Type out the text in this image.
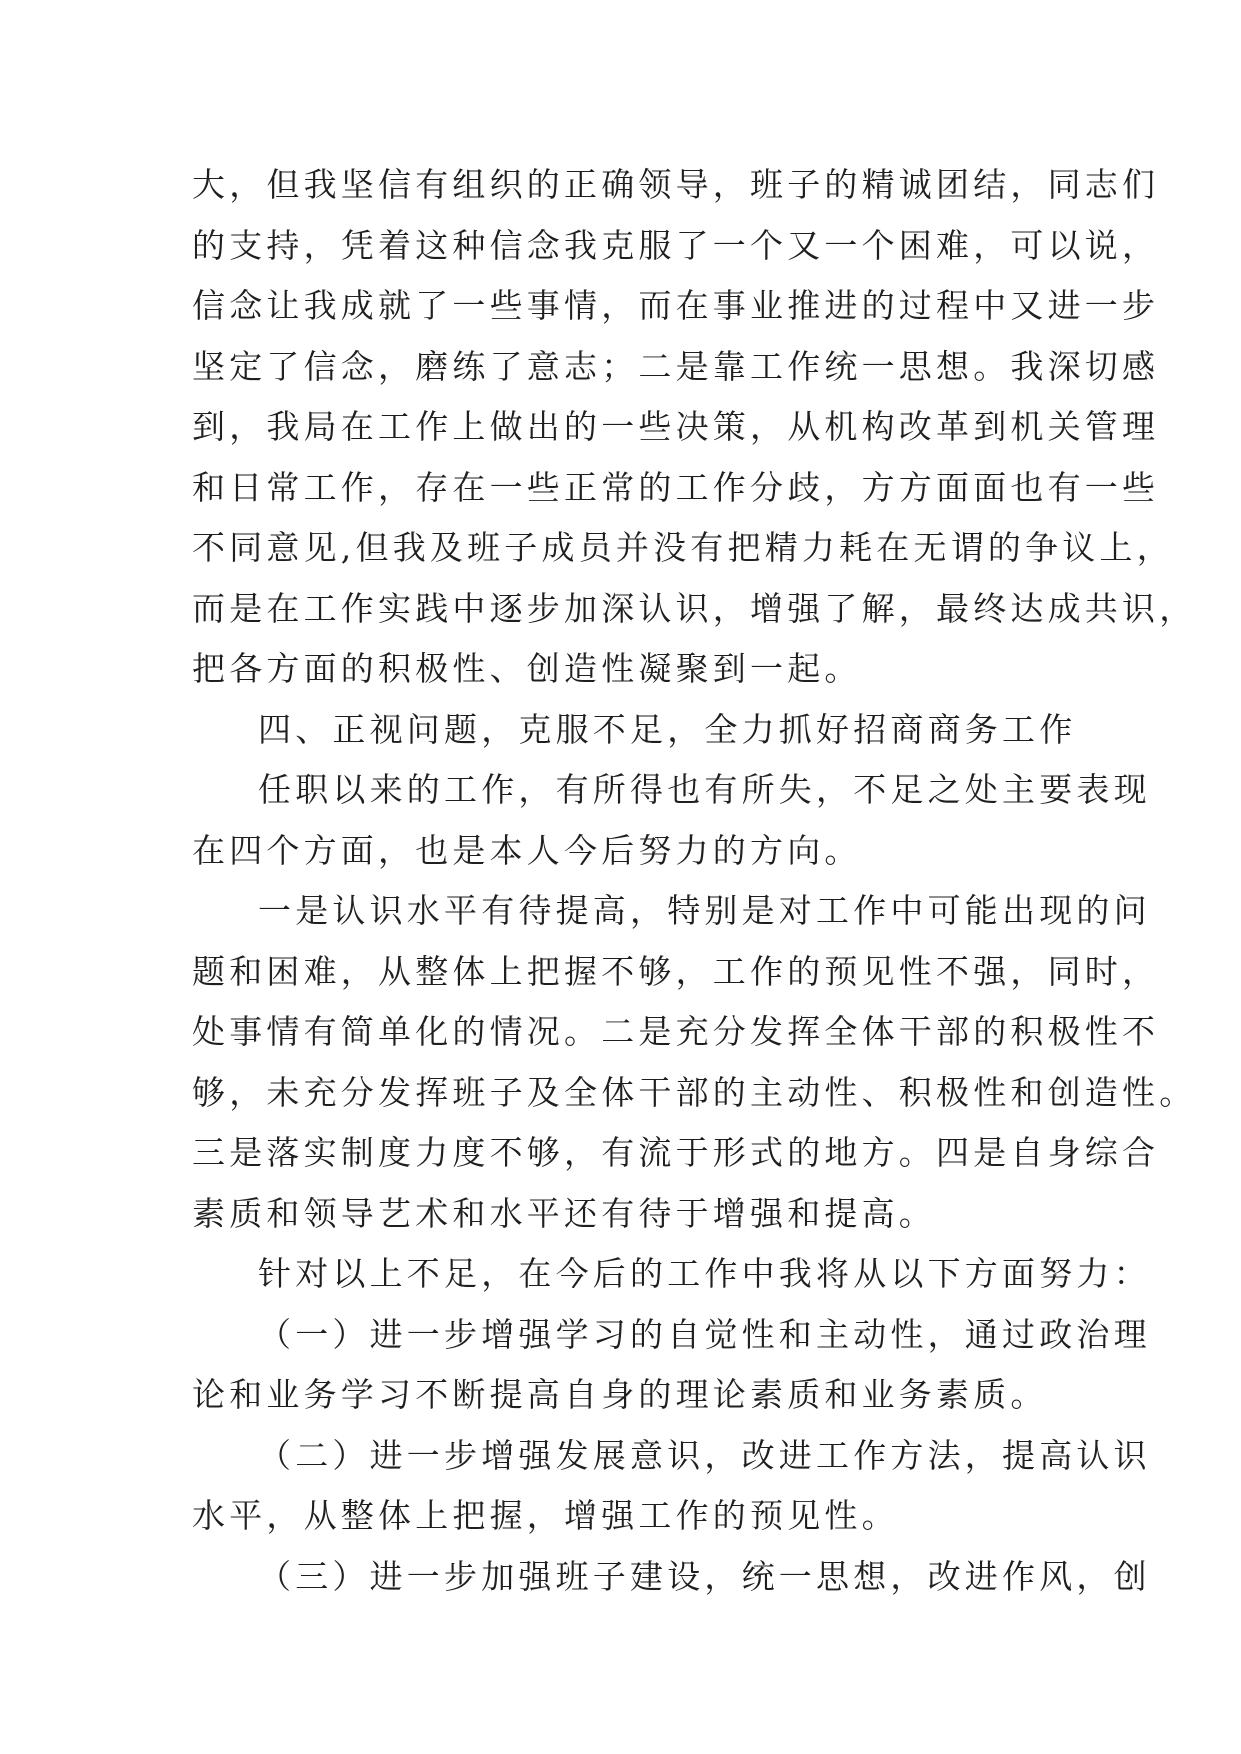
大，但我坚信有组织的正确领导，班子的精诚团结，同志们
的支持，凭着这种信念我克服了一个又一个困难，可以说，
信念让我成就了一些事情，而在事业推进的过程中又进一步
坚定了信念，磨练了意志；二是靠工作统一思想。我深切感
到，我局在工作上做出的一些决策，从机构改革到机关管理
和日常工作，存在一些正常的工作分歧，方方面面也有一些
不同意见,但我及班子成员并没有把精力耗在无谓的争议上，
而是在工作实践中逐步加深认识，增强了解，最终达成共识，
把各方面的积极性、创造性凝聚到一起。

四、正视问题，克服不足，全力抓好招商商务工作

任职以来的工作，有所得也有所失，不足之处主要表现
在四个方面，也是本人今后努力的方向。

一是认识水平有待提高，特别是对工作中可能出现的问
题和困难，从整体上把握不够，工作的预见性不强，同时，
处事情有简单化的情况。二是充分发挥全体干部的积极性不
够，未充分发挥班子及全体干部的主动性、积极性和创造性。
三是落实制度力度不够，有流于形式的地方。四是自身综合
素质和领导艺术和水平还有待于增强和提高。

针对以上不足，在今后的工作中我将从以下方面努力：

（一）进一步增强学习的自觉性和主动性，通过政治理
论和业务学习不断提高自身的理论素质和业务素质。

（二）进一步增强发展意识，改进工作方法，提高认识
水平，从整体上把握，增强工作的预见性。

（三）进一步加强班子建设，统一思想，改进作风，创
